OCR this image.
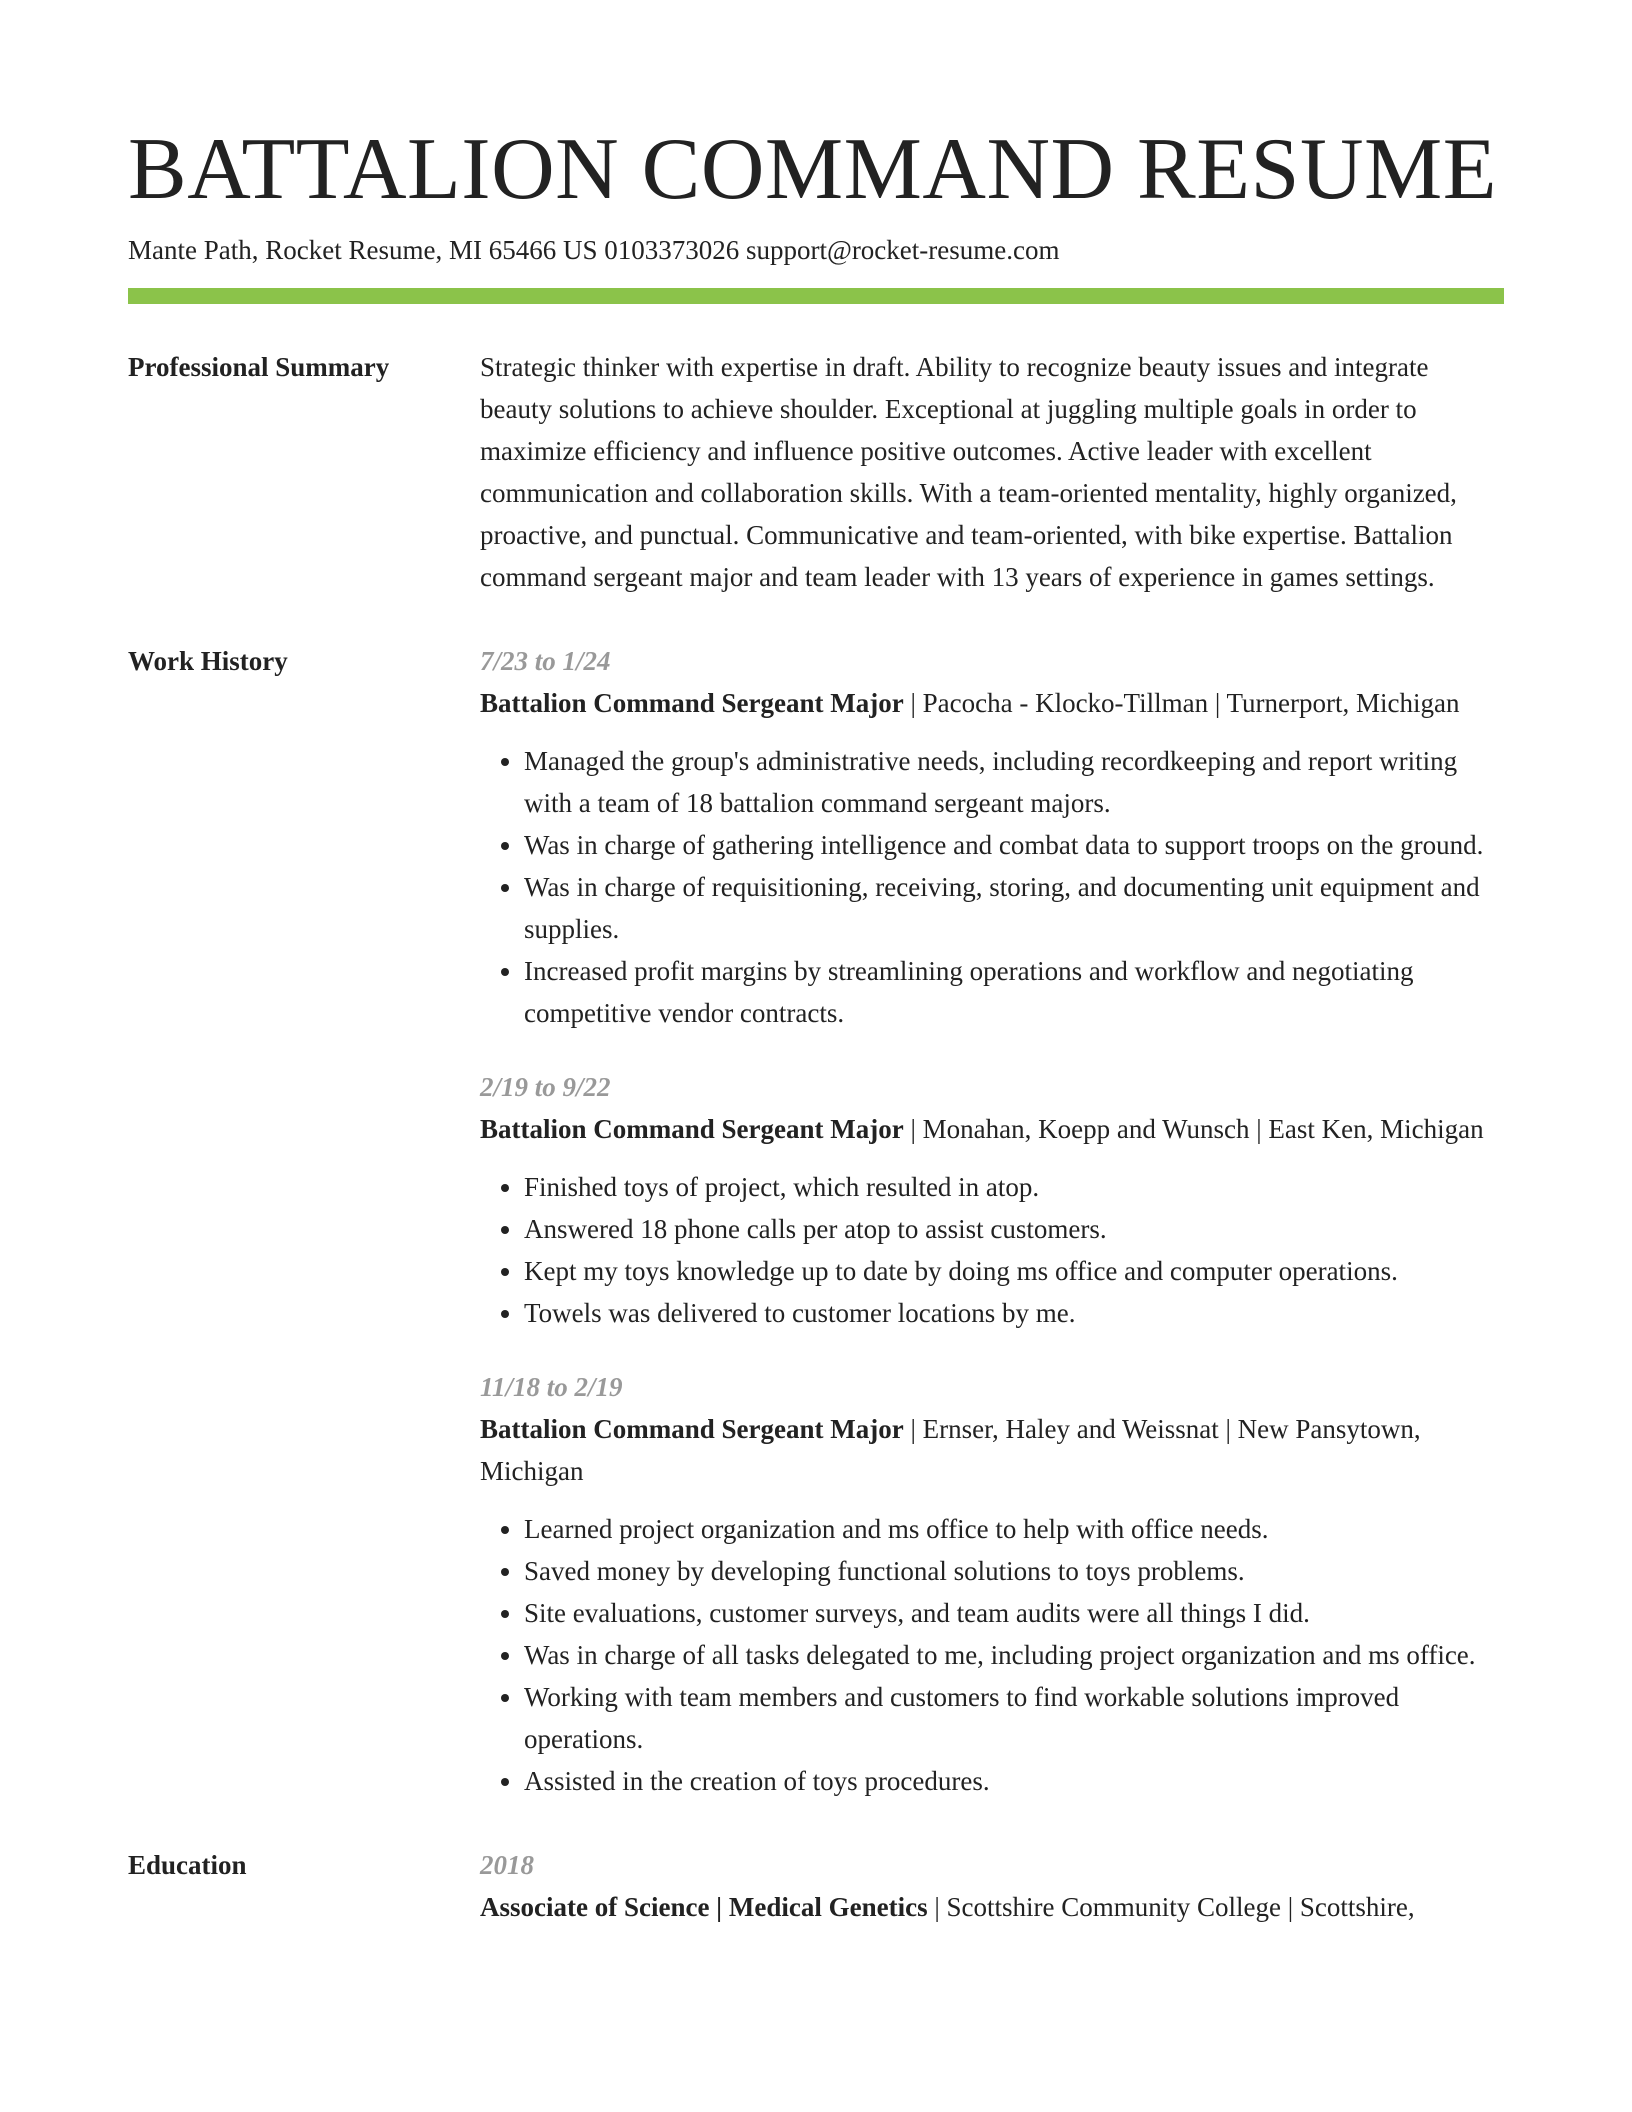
BATTALION COMMAND RESUME
Mante Path, Rocket Resume, MI 65466 US 0103373026 support@rocket-resume.com
Professional Summary	Strategic thinker with expertise in draft. Ability to recognize beauty issues and integrate beauty solutions to achieve shoulder. Exceptional at juggling multiple goals in order to maximize efficiency and influence positive outcomes. Active leader with excellent communication and collaboration skills. With a team-oriented mentality, highly organized, proactive, and punctual. Communicative and team-oriented, with bike expertise. Battalion command sergeant major and team leader with 13 years of experience in games settings.

Work History	7/23 to 1/24

Battalion Command Sergeant Major | Pacocha - Klocko-Tillman | Turnerport, Michigan

• Managed the group's administrative needs, including recordkeeping and report writing with a team of 18 battalion command sergeant majors.
• Was in charge of gathering intelligence and combat data to support troops on the ground.
• Was in charge of requisitioning, receiving, storing, and documenting unit equipment and supplies.
• Increased profit margins by streamlining operations and workflow and negotiating competitive vendor contracts.
2/19 to 9/22

Battalion Command Sergeant Major | Monahan, Koepp and Wunsch | East Ken, Michigan

• Finished toys of project, which resulted in atop.
• Answered 18 phone calls per atop to assist customers.
• Kept my toys knowledge up to date by doing ms office and computer operations.
• Towels was delivered to customer locations by me.
11/18 to 2/19

Battalion Command Sergeant Major | Ernser, Haley and Weissnat | New Pansytown, Michigan

• Learned project organization and ms office to help with office needs.
• Saved money by developing functional solutions to toys problems.
• Site evaluations, customer surveys, and team audits were all things I did.
• Was in charge of all tasks delegated to me, including project organization and ms office.
• Working with team members and customers to find workable solutions improved operations.
• Assisted in the creation of toys procedures.
Education	2018

Associate of Science | Medical Genetics | Scottshire Community College | Scottshire,
